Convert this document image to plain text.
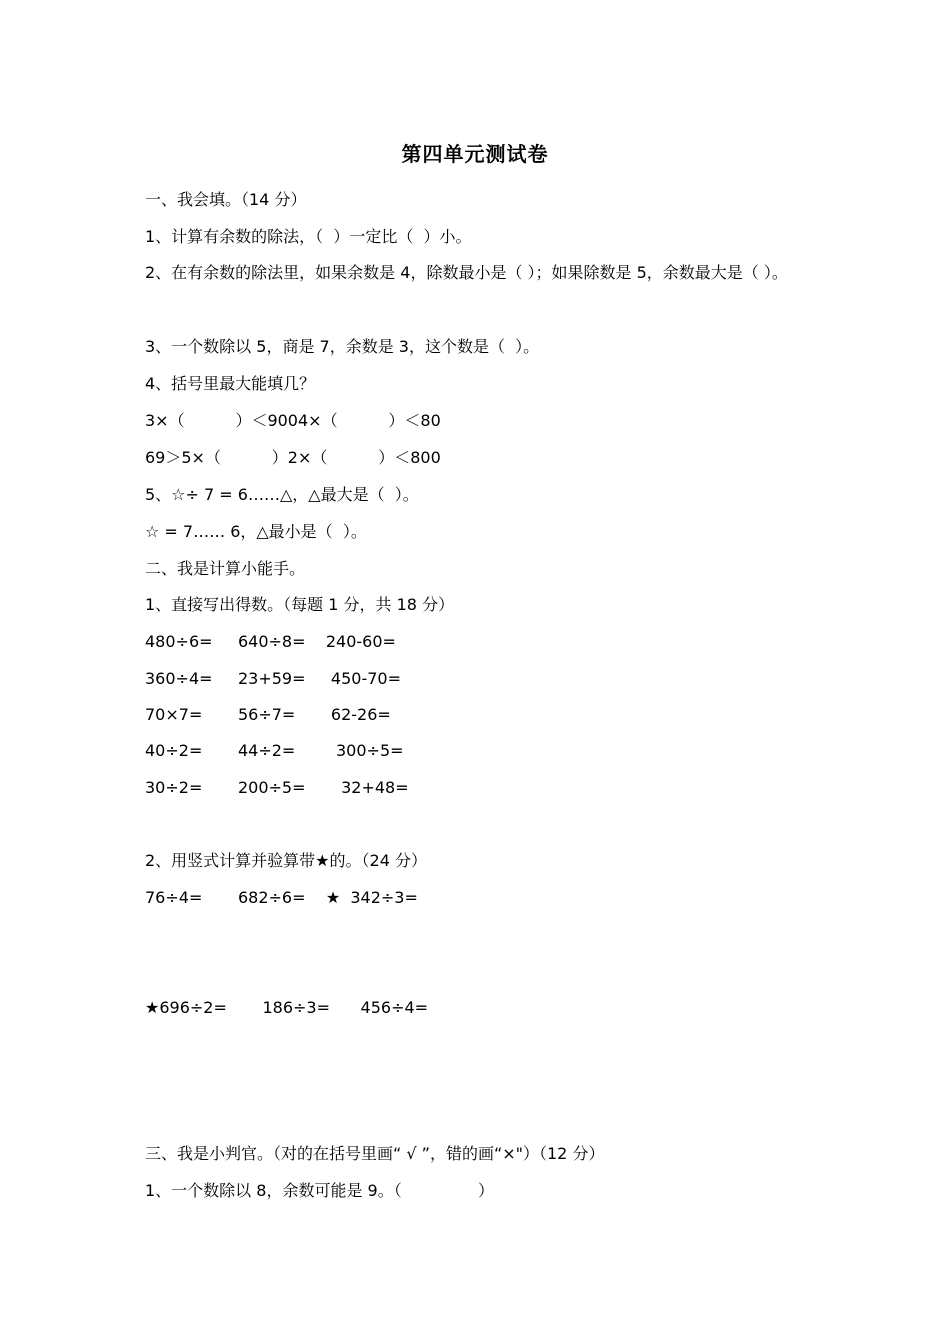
第四单元测试卷
一、我会填。（14 分）
1、计算有余数的除法，（  ）一定比（  ）小。
2、在有余数的除法里，如果余数是 4，除数最小是（ ）；如果除数是 5，余数最大是（ ）。
3、一个数除以 5，商是 7，余数是 3，这个数是（  ）。
4、括号里最大能填几？
3×（          ）＜9004×（          ）＜80
69＞5×（          ）2×（          ）＜800
5、☆÷ 7 = 6……△，△最大是（  ）。
☆ = 7…… 6，△最小是（  ）。
二、我是计算小能手。
1、直接写出得数。（每题 1 分，共 18 分）
480÷6=     640÷8=    240-60=
360÷4=     23+59=     450-70=
70×7=       56÷7=       62-26=
40÷2=       44÷2=        300÷5=
30÷2=       200÷5=       32+48=
2、用竖式计算并验算带★的。（24 分）
76÷4=       682÷6=    ★  342÷3=
★696÷2=       186÷3=      456÷4=
三、我是小判官。（对的在括号里画“ √ ”，错的画“×"）（12 分）
1、一个数除以 8，余数可能是 9。（               ）
